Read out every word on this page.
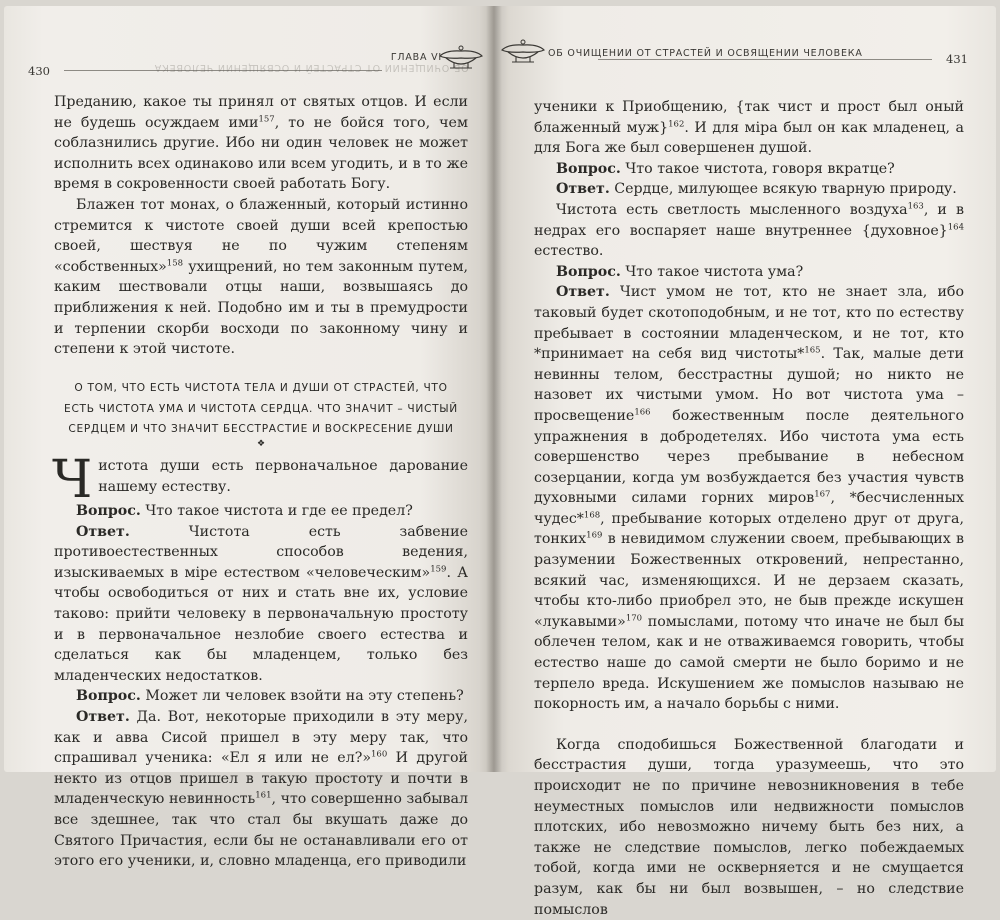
430	ОБ ОЧИЩЕНИИ ОТ СТРАСТЕЙ И ОСВЯЩЕНИИ ЧЕЛОВЕКА
ГЛАВА VI

Преданию, какое ты принял от святых отцов. И если не будешь осуждаем ими$^{157}$, то не бойся того, чем соблазнились другие. Ибо ни один человек не может исполнить всех одинаково или всем угодить, и в то же время в сокровенности своей работать Богу.

Блажен тот монах, о блаженный, который истинно стремится к чистоте своей души всей крепостью своей, шествуя не по чужим степеням «собственных»$^{158}$ ухищрений, но тем законным путем, каким шествовали отцы наши, возвышаясь до приближения к ней. Подобно им и ты в премудрости и терпении скорби восходи по законному чину и степени к этой чистоте.

О ТОМ, ЧТО ЕСТЬ ЧИСТОТА ТЕЛА И ДУШИ ОТ СТРАСТЕЙ, ЧТО ЕСТЬ ЧИСТОТА УМА И ЧИСТОТА СЕРДЦА. ЧТО ЗНАЧИТ – ЧИСТЫЙ СЕРДЦЕМ И ЧТО ЗНАЧИТ БЕССТРАСТИЕ И ВОСКРЕСЕНИЕ ДУШИ

❖

Чистота души есть первоначальное дарование нашему естеству.

Вопрос. Что такое чистота и где ее предел?

Ответ. Чистота есть забвение противоестественных способов ведения, изыскиваемых в міре естеством «человеческим»$^{159}$. А чтобы освободиться от них и стать вне их, условие таково: прийти человеку в первоначальную простоту и в первоначальное незлобие своего естества и сделаться как бы младенцем, только без младенческих недостатков.

Вопрос. Может ли человек взойти на эту степень?

Ответ. Да. Вот, некоторые приходили в эту меру, как и авва Сисой пришел в эту меру так, что спрашивал ученика: «Ел я или не ел?»$^{160}$ И другой некто из отцов пришел в такую простоту и почти в младенческую невинность$^{161}$, что совершенно забывал все здешнее, так что стал бы вкушать даже до Святого Причастия, если бы не останавливали его от этого его ученики, и, словно младенца, его приводили

ОБ ОЧИЩЕНИИ ОТ СТРАСТЕЙ И ОСВЯЩЕНИИ ЧЕЛОВЕКА	431

ученики к Приобщению, {так чист и прост был оный блаженный муж}$^{162}$. И для міра был он как младенец, а для Бога же был совершенен душой.

Вопрос. Что такое чистота, говоря вкратце?

Ответ. Сердце, милующее всякую тварную природу.

Чистота есть светлость мысленного воздуха$^{163}$, и в недрах его воспаряет наше внутреннее {духовное}$^{164}$ естество.

Вопрос. Что такое чистота ума?

Ответ. Чист умом не тот, кто не знает зла, ибо таковый будет скотоподобным, и не тот, кто по естеству пребывает в состоянии младенческом, и не тот, кто *принимает на себя вид чистоты*$^{165}$. Так, малые дети невинны телом, бесстрастны душой; но никто не назовет их чистыми умом. Но вот чистота ума – просвещение$^{166}$ божественным после деятельного упражнения в добродетелях. Ибо чистота ума есть совершенство через пребывание в небесном созерцании, когда ум возбуждается без участия чувств духовными силами горних миров$^{167}$, *бесчисленных чудес*$^{168}$, пребывание которых отделено друг от друга, тонких$^{169}$ в невидимом служении своем, пребывающих в разумении Божественных откровений, непрестанно, всякий час, изменяющихся. И не дерзаем сказать, чтобы кто-либо приобрел это, не быв прежде искушен «лукавыми»$^{170}$ помыслами, потому что иначе не был бы облечен телом, как и не отваживаемся говорить, чтобы естество наше до самой смерти не было боримо и не терпело вреда. Искушением же помыслов называю не покорность им, а начало борьбы с ними.

Когда сподобишься Божественной благодати и бесстрастия души, тогда уразумеешь, что это происходит не по причине невозникновения в тебе неуместных помыслов или недвижности помыслов плотских, ибо невозможно ничему быть без них, а также не следствие помыслов, легко побеждаемых тобой, когда ими не оскверняется и не смущается разум, как бы ни был возвышен, – но следствие помыслов
